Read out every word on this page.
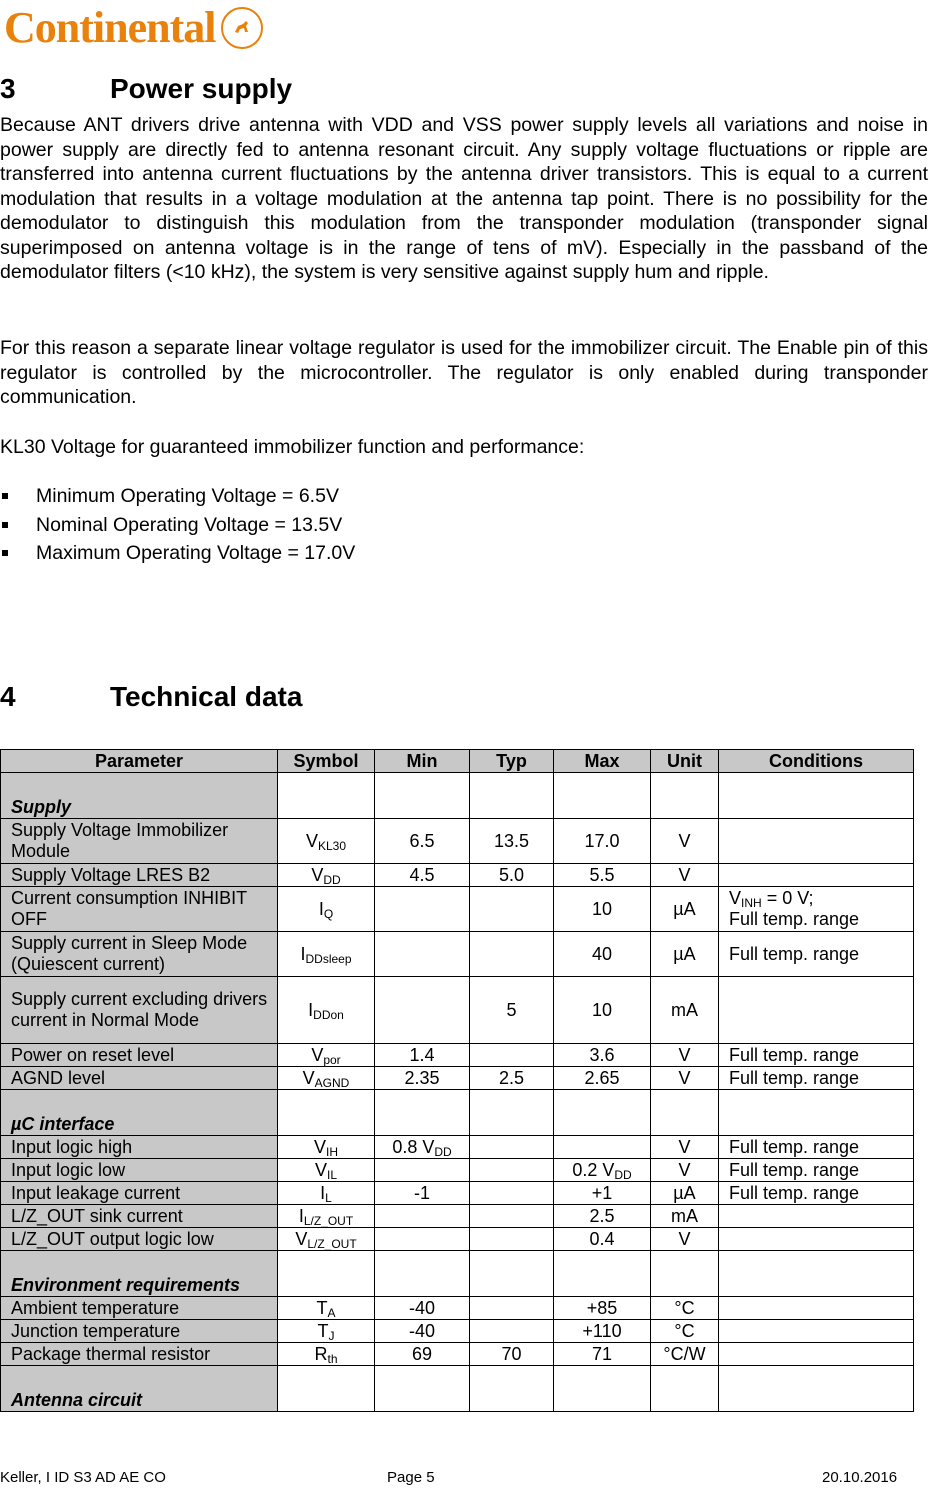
Continental
3	Power supply

Because ANT drivers drive antenna with VDD and VSS power supply levels all variations and noise in power supply are directly fed to antenna resonant circuit. Any supply voltage fluctuations or ripple are transferred into antenna current fluctuations by the antenna driver transistors. This is equal to a current modulation that results in a voltage modulation at the antenna tap point. There is no possibility for the demodulator to distinguish this modulation from the transponder modulation (transponder signal superimposed on antenna voltage is in the range of tens of mV). Especially in the passband of the demodulator filters (<10 kHz), the system is very sensitive against supply hum and ripple.

For this reason a separate linear voltage regulator is used for the immobilizer circuit. The Enable pin of this regulator is controlled by the microcontroller. The regulator is only enabled during transponder communication.

KL30 Voltage for guaranteed immobilizer function and performance:

Minimum Operating Voltage = 6.5V
Nominal Operating Voltage = 13.5V
Maximum Operating Voltage = 17.0V
4	Technical data
Parameter	Symbol	Min	Typ	Max	Unit	Conditions
Supply						
Supply Voltage Immobilizer Module	$V_{KL30}$	6.5	13.5	17.0	V	
Supply Voltage LRES B2	$V_{DD}$	4.5	5.0	5.5	V	
Current consumption INHIBIT OFF	$I_Q$			10	µA	$V_{INH} = 0$ V;
Full temp. range
Supply current in Sleep Mode (Quiescent current)	$I_{DDsleep}$			40	µA	Full temp. range
Supply current excluding drivers current in Normal Mode	$I_{DDon}$		5	10	mA	
Power on reset level	$V_{por}$	1.4		3.6	V	Full temp. range
AGND level	$V_{AGND}$	2.35	2.5	2.65	V	Full temp. range
µC interface						
Input logic high	$V_{IH}$	0.8 $V_{DD}$			V	Full temp. range
Input logic low	$V_{IL}$			0.2 $V_{DD}$	V	Full temp. range
Input leakage current	$I_L$	-1		+1	µA	Full temp. range
L/Z_OUT sink current	$I_{L/Z\_OUT}$			2.5	mA	
L/Z_OUT output logic low	$V_{L/Z\_OUT}$			0.4	V	
Environment requirements						
Ambient temperature	$T_A$	-40		+85	°C	
Junction temperature	$T_J$	-40		+110	°C	
Package thermal resistor	$R_{th}$	69	70	71	°C/W	
Antenna circuit						
Keller, I ID S3 AD AE CO	Page 5	20.10.2016
